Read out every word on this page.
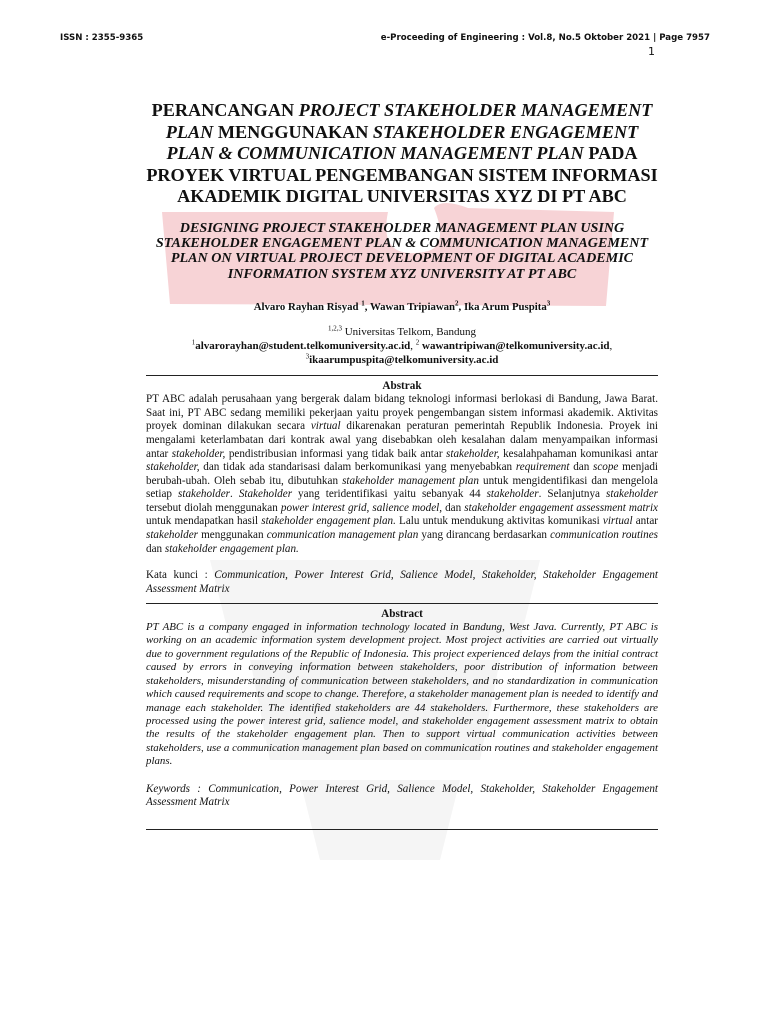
ISSN : 2355-9365	e-Proceeding of Engineering : Vol.8, No.5 Oktober 2021 | Page 7957
1
PERANCANGAN PROJECT STAKEHOLDER MANAGEMENT
PLAN MENGGUNAKAN STAKEHOLDER ENGAGEMENT
PLAN & COMMUNICATION MANAGEMENT PLAN PADA
PROYEK VIRTUAL PENGEMBANGAN SISTEM INFORMASI
AKADEMIK DIGITAL UNIVERSITAS XYZ DI PT ABC
DESIGNING PROJECT STAKEHOLDER MANAGEMENT PLAN USING STAKEHOLDER ENGAGEMENT PLAN & COMMUNICATION MANAGEMENT PLAN ON VIRTUAL PROJECT DEVELOPMENT OF DIGITAL ACADEMIC INFORMATION SYSTEM XYZ UNIVERSITY AT PT ABC
Alvaro Rayhan Risyad $^1$, Wawan Tripiawan$^2$, Ika Arum Puspita$^3$
$^{1,2,3}$ Universitas Telkom, Bandung
$^1$alvarorayhan@student.telkomuniversity.ac.id, $^2$ wawantripiwan@telkomuniversity.ac.id,
$^3$ikaarumpuspita@telkomuniversity.ac.id
Abstrak

PT ABC adalah perusahaan yang bergerak dalam bidang teknologi informasi berlokasi di Bandung, Jawa Barat. Saat ini, PT ABC sedang memiliki pekerjaan yaitu proyek pengembangan sistem informasi akademik. Aktivitas proyek dominan dilakukan secara virtual dikarenakan peraturan pemerintah Republik Indonesia. Proyek ini mengalami keterlambatan dari kontrak awal yang disebabkan oleh kesalahan dalam menyampaikan informasi antar stakeholder, pendistribusian informasi yang tidak baik antar stakeholder, kesalahpahaman komunikasi antar stakeholder, dan tidak ada standarisasi dalam berkomunikasi yang menyebabkan requirement dan scope menjadi berubah-ubah. Oleh sebab itu, dibutuhkan stakeholder management plan untuk mengidentifikasi dan mengelola setiap stakeholder. Stakeholder yang teridentifikasi yaitu sebanyak 44 stakeholder. Selanjutnya stakeholder tersebut diolah menggunakan power interest grid, salience model, dan stakeholder engagement assessment matrix untuk mendapatkan hasil stakeholder engagement plan. Lalu untuk mendukung aktivitas komunikasi virtual antar stakeholder menggunakan communication management plan yang dirancang berdasarkan communication routines dan stakeholder engagement plan.

Kata kunci : Communication, Power Interest Grid, Salience Model, Stakeholder, Stakeholder Engagement Assessment Matrix

Abstract

PT ABC is a company engaged in information technology located in Bandung, West Java. Currently, PT ABC is working on an academic information system development project. Most project activities are carried out virtually due to government regulations of the Republic of Indonesia. This project experienced delays from the initial contract caused by errors in conveying information between stakeholders, poor distribution of information between stakeholders, misunderstanding of communication between stakeholders, and no standardization in communication which caused requirements and scope to change. Therefore, a stakeholder management plan is needed to identify and manage each stakeholder. The identified stakeholders are 44 stakeholders. Furthermore, these stakeholders are processed using the power interest grid, salience model, and stakeholder engagement assessment matrix to obtain the results of the stakeholder engagement plan. Then to support virtual communication activities between stakeholders, use a communication management plan based on communication routines and stakeholder engagement plans.

Keywords : Communication, Power Interest Grid, Salience Model, Stakeholder, Stakeholder Engagement Assessment Matrix
